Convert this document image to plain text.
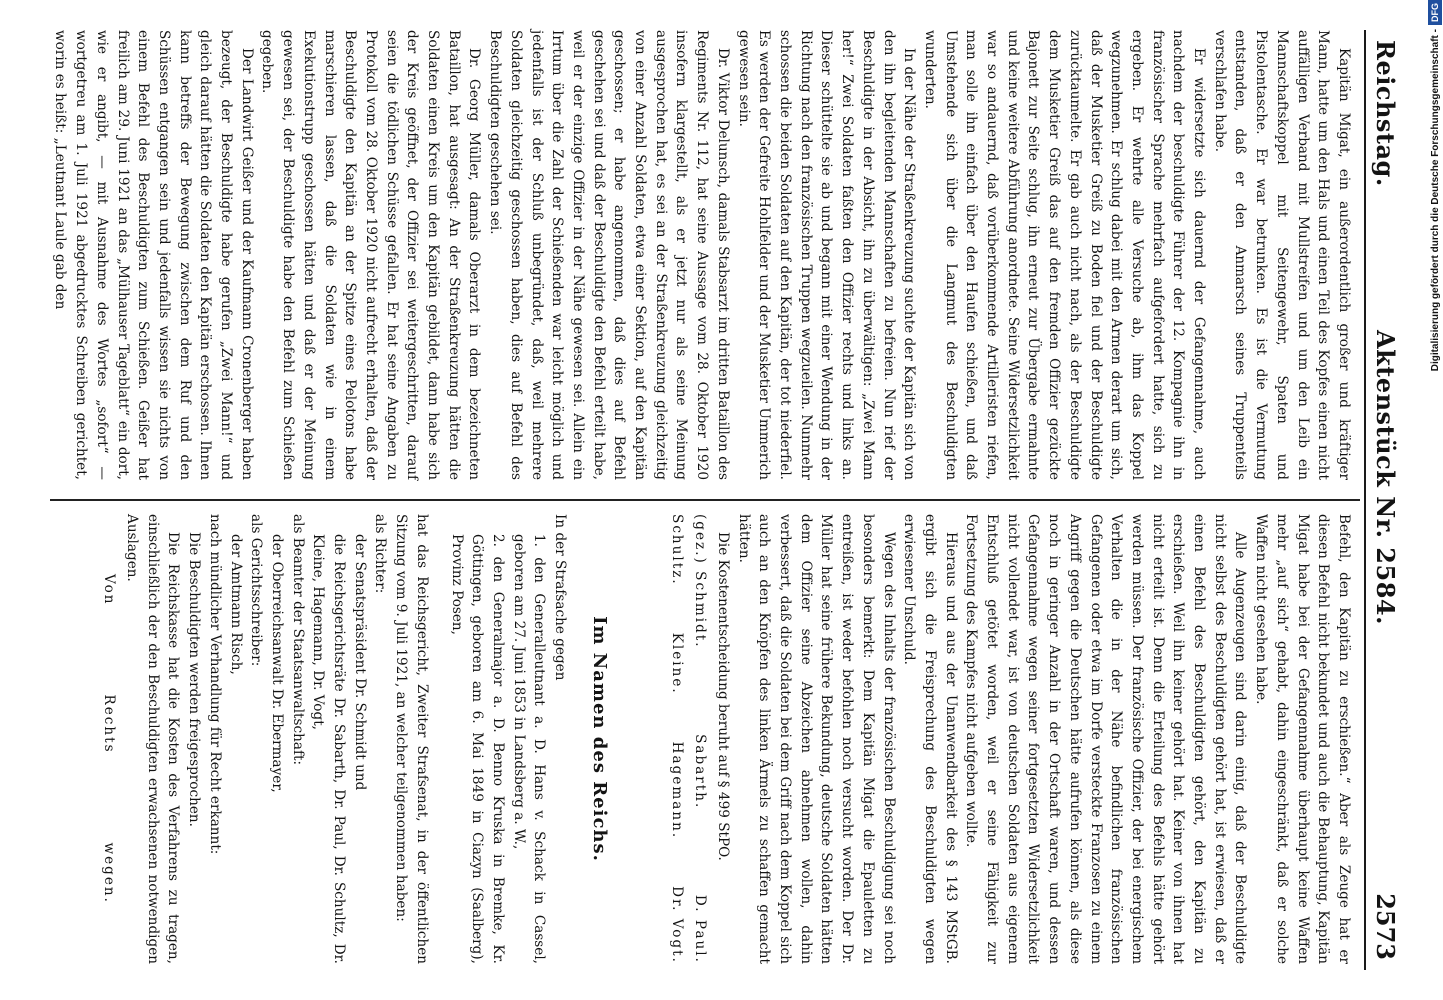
Reichstag.
Aktenstück Nr. 2584.
2573

Kapitän Migat, ein außerordentlich großer und kräftiger Mann, hatte um den Hals und einen Teil des Kopfes einen nicht auffälligen Verband mit Mullstreifen und um den Leib ein Mannschaftskoppel mit Seitengewehr, Spaten und Pistolentasche. Er war betrunken. Es ist die Vermutung entstanden, daß er den Anmarsch seines Truppenteils verschlafen habe.

Er widersetzte sich dauernd der Gefangennahme, auch nachdem der beschuldigte Führer der 12. Kompagnie ihn in französischer Sprache mehrfach aufgefordert hatte, sich zu ergeben. Er wehrte alle Versuche ab, ihm das Koppel wegzunehmen. Er schlug dabei mit den Armen derart um sich, daß der Musketier Greiß zu Boden fiel und der Beschuldigte zurücktaumelte. Er gab auch nicht nach, als der Beschuldigte dem Musketier Greiß das auf den fremden Offizier gezückte Bajonett zur Seite schlug, ihn erneut zur Übergabe ermahnte und keine weitere Abführung anordnete. Seine Widersetzlichkeit war so andauernd, daß vorüberkommende Artilleristen riefen, man solle ihn einfach über den Haufen schießen, und daß Umstehende sich über die Langmut des Beschuldigten wunderten.

In der Nähe der Straßenkreuzung suchte der Kapitän sich von den ihn begleitenden Mannschaften zu befreien. Nun rief der Beschuldigte in der Absicht, ihn zu überwältigen: „Zwei Mann her!“ Zwei Soldaten faßten den Offizier rechts und links an. Dieser schüttelte sie ab und begann mit einer Wendung in der Richtung nach den französischen Truppen wegzueilen. Nunmehr schossen die beiden Soldaten auf den Kapitän, der tot niederfiel. Es werden der Gefreite Hohlfelder und der Musketier Ummerich gewesen sein.

Dr. Viktor Delunsch, damals Stabsarzt im dritten Bataillon des Regiments Nr. 112, hat seine Aussage vom 28. Oktober 1920 insofern klargestellt, als er jetzt nur als seine Meinung ausgesprochen hat, es sei an der Straßenkreuzung gleichzeitig von einer Anzahl Soldaten, etwa einer Sektion, auf den Kapitän geschossen; er habe angenommen, daß dies auf Befehl geschehen sei und daß der Beschuldigte den Befehl erteilt habe, weil er der einzige Offizier in der Nähe gewesen sei. Allein ein Irrtum über die Zahl der Schießenden war leicht möglich und jedenfalls ist der Schluß unbegründet, daß, weil mehrere Soldaten gleichzeitig geschossen haben, dies auf Befehl des Beschuldigten geschehen sei.

Dr. Georg Müller, damals Oberarzt in dem bezeichneten Bataillon, hat ausgesagt: An der Straßenkreuzung hätten die Soldaten einen Kreis um den Kapitän gebildet, dann habe sich der Kreis geöffnet, der Offizier sei weitergeschritten, darauf seien die tödlichen Schüsse gefallen. Er hat seine Angaben zu Protokoll vom 28. Oktober 1920 nicht aufrecht erhalten, daß der Beschuldigte den Kapitän an der Spitze eines Pelotons habe marschieren lassen, daß die Soldaten wie in einem Exekutionstrupp geschossen hätten und daß er der Meinung gewesen sei, der Beschuldigte habe den Befehl zum Schießen gegeben.

Der Landwirt Geißer und der Kaufmann Cronenberger haben bezeugt, der Beschuldigte habe gerufen „Zwei Mann!“ und gleich darauf hätten die Soldaten den Kapitän erschossen. Ihnen kann betreffs der Bewegung zwischen dem Ruf und den Schüssen entgangen sein und jedenfalls wissen sie nichts von einem Befehl des Beschuldigten zum Schießen. Geißer hat freilich am 29. Juni 1921 an das „Mülhauser Tageblatt“ ein dort, wie er angibt, — mit Ausnahme des Wortes „sofort“ — wortgetreu am 1. Juli 1921 abgedrucktes Schreiben gerichtet, worin es heißt: „Leutnant Laule gab den

Befehl, den Kapitän zu erschießen.“ Aber als Zeuge hat er diesen Befehl nicht bekundet und auch die Behauptung, Kapitän Migat habe bei der Gefangennahme überhaupt keine Waffen mehr „auf sich“ gehabt, dahin eingeschränkt, daß er solche Waffen nicht gesehen habe.

Alle Augenzeugen sind darin einig, daß der Beschuldigte nicht selbst des Beschuldigten gehört hat, ist erwiesen, daß er einen Befehl des Beschuldigten gehört, den Kapitän zu erschießen. Weil ihn keiner gehört hat. Keiner von ihnen hat nicht erteilt ist. Denn die Erteilung des Befehls hätte gehört werden müssen. Der französische Offizier, der bei energischem Verhalten die in der Nähe befindlichen französischen Gefangenen oder etwa im Dorfe versteckte Franzosen zu einem Angriff gegen die Deutschen hätte aufrufen können, als diese noch in geringer Anzahl in der Ortschaft waren, und dessen Gefangennahme wegen seiner fortgesetzten Widersetzlichkeit nicht vollendet war, ist von deutschen Soldaten aus eigenem Entschluß getötet worden, weil er seine Fähigkeit zur Fortsetzung des Kampfes nicht aufgeben wollte.

Hieraus und aus der Unanwendbarkeit des § 143 MStGB. ergibt sich die Freisprechung des Beschuldigten wegen erwiesener Unschuld.

Wegen des Inhalts der französischen Beschuldigung sei noch besonders bemerkt: Dem Kapitän Migat die Epauletten zu entreißen, ist weder befohlen noch versucht worden. Der Dr. Müller hat seine frühere Bekundung, deutsche Soldaten hätten dem Offizier seine Abzeichen abnehmen wollen, dahin verbessert, daß die Soldaten bei dem Griff nach dem Koppel sich auch an den Knöpfen des linken Ärmels zu schaffen gemacht hätten.

Die Kostenentscheidung beruht auf § 499 StPO.

(gez.) Schmidt.
Sabarth.
D. Paul.
Schultz.
Kleine.
Hagemann.
Dr. Vogt.
Im Namen des Reichs.

In der Strafsache gegen

1. den Generalleutnant a. D. Hans v. Schack in Cassel, geboren am 27. Juni 1853 in Landsberg a. W.,

2. den Generalmajor a. D. Benno Kruska in Bremke, Kr. Göttingen, geboren am 6. Mai 1849 in Ciazyn (Saalberg), Provinz Posen,

hat das Reichsgericht, Zweiter Strafsenat, in der öffentlichen Sitzung vom 9. Juli 1921, an welcher teilgenommen haben:

als Richter:

der Senatspräsident Dr. Schmidt und

die Reichsgerichtsräte Dr. Sabarth, Dr. Paul, Dr. Schultz, Dr. Kleine, Hagemann, Dr. Vogt,

als Beamter der Staatsanwaltschaft:

der Oberreichsanwalt Dr. Ebermayer,

als Gerichtsschreiber:

der Amtmann Risch,

nach mündlicher Verhandlung für Recht erkannt:

Die Beschuldigten werden freigesprochen.

Die Reichskasse hat die Kosten des Verfahrens zu tragen, einschließlich der den Beschuldigten erwachsenen notwendigen Auslagen.

Von
Rechts
wegen.
Digitalisierung gefördert durch die Deutsche Forschungsgemeinschaft -DFG
